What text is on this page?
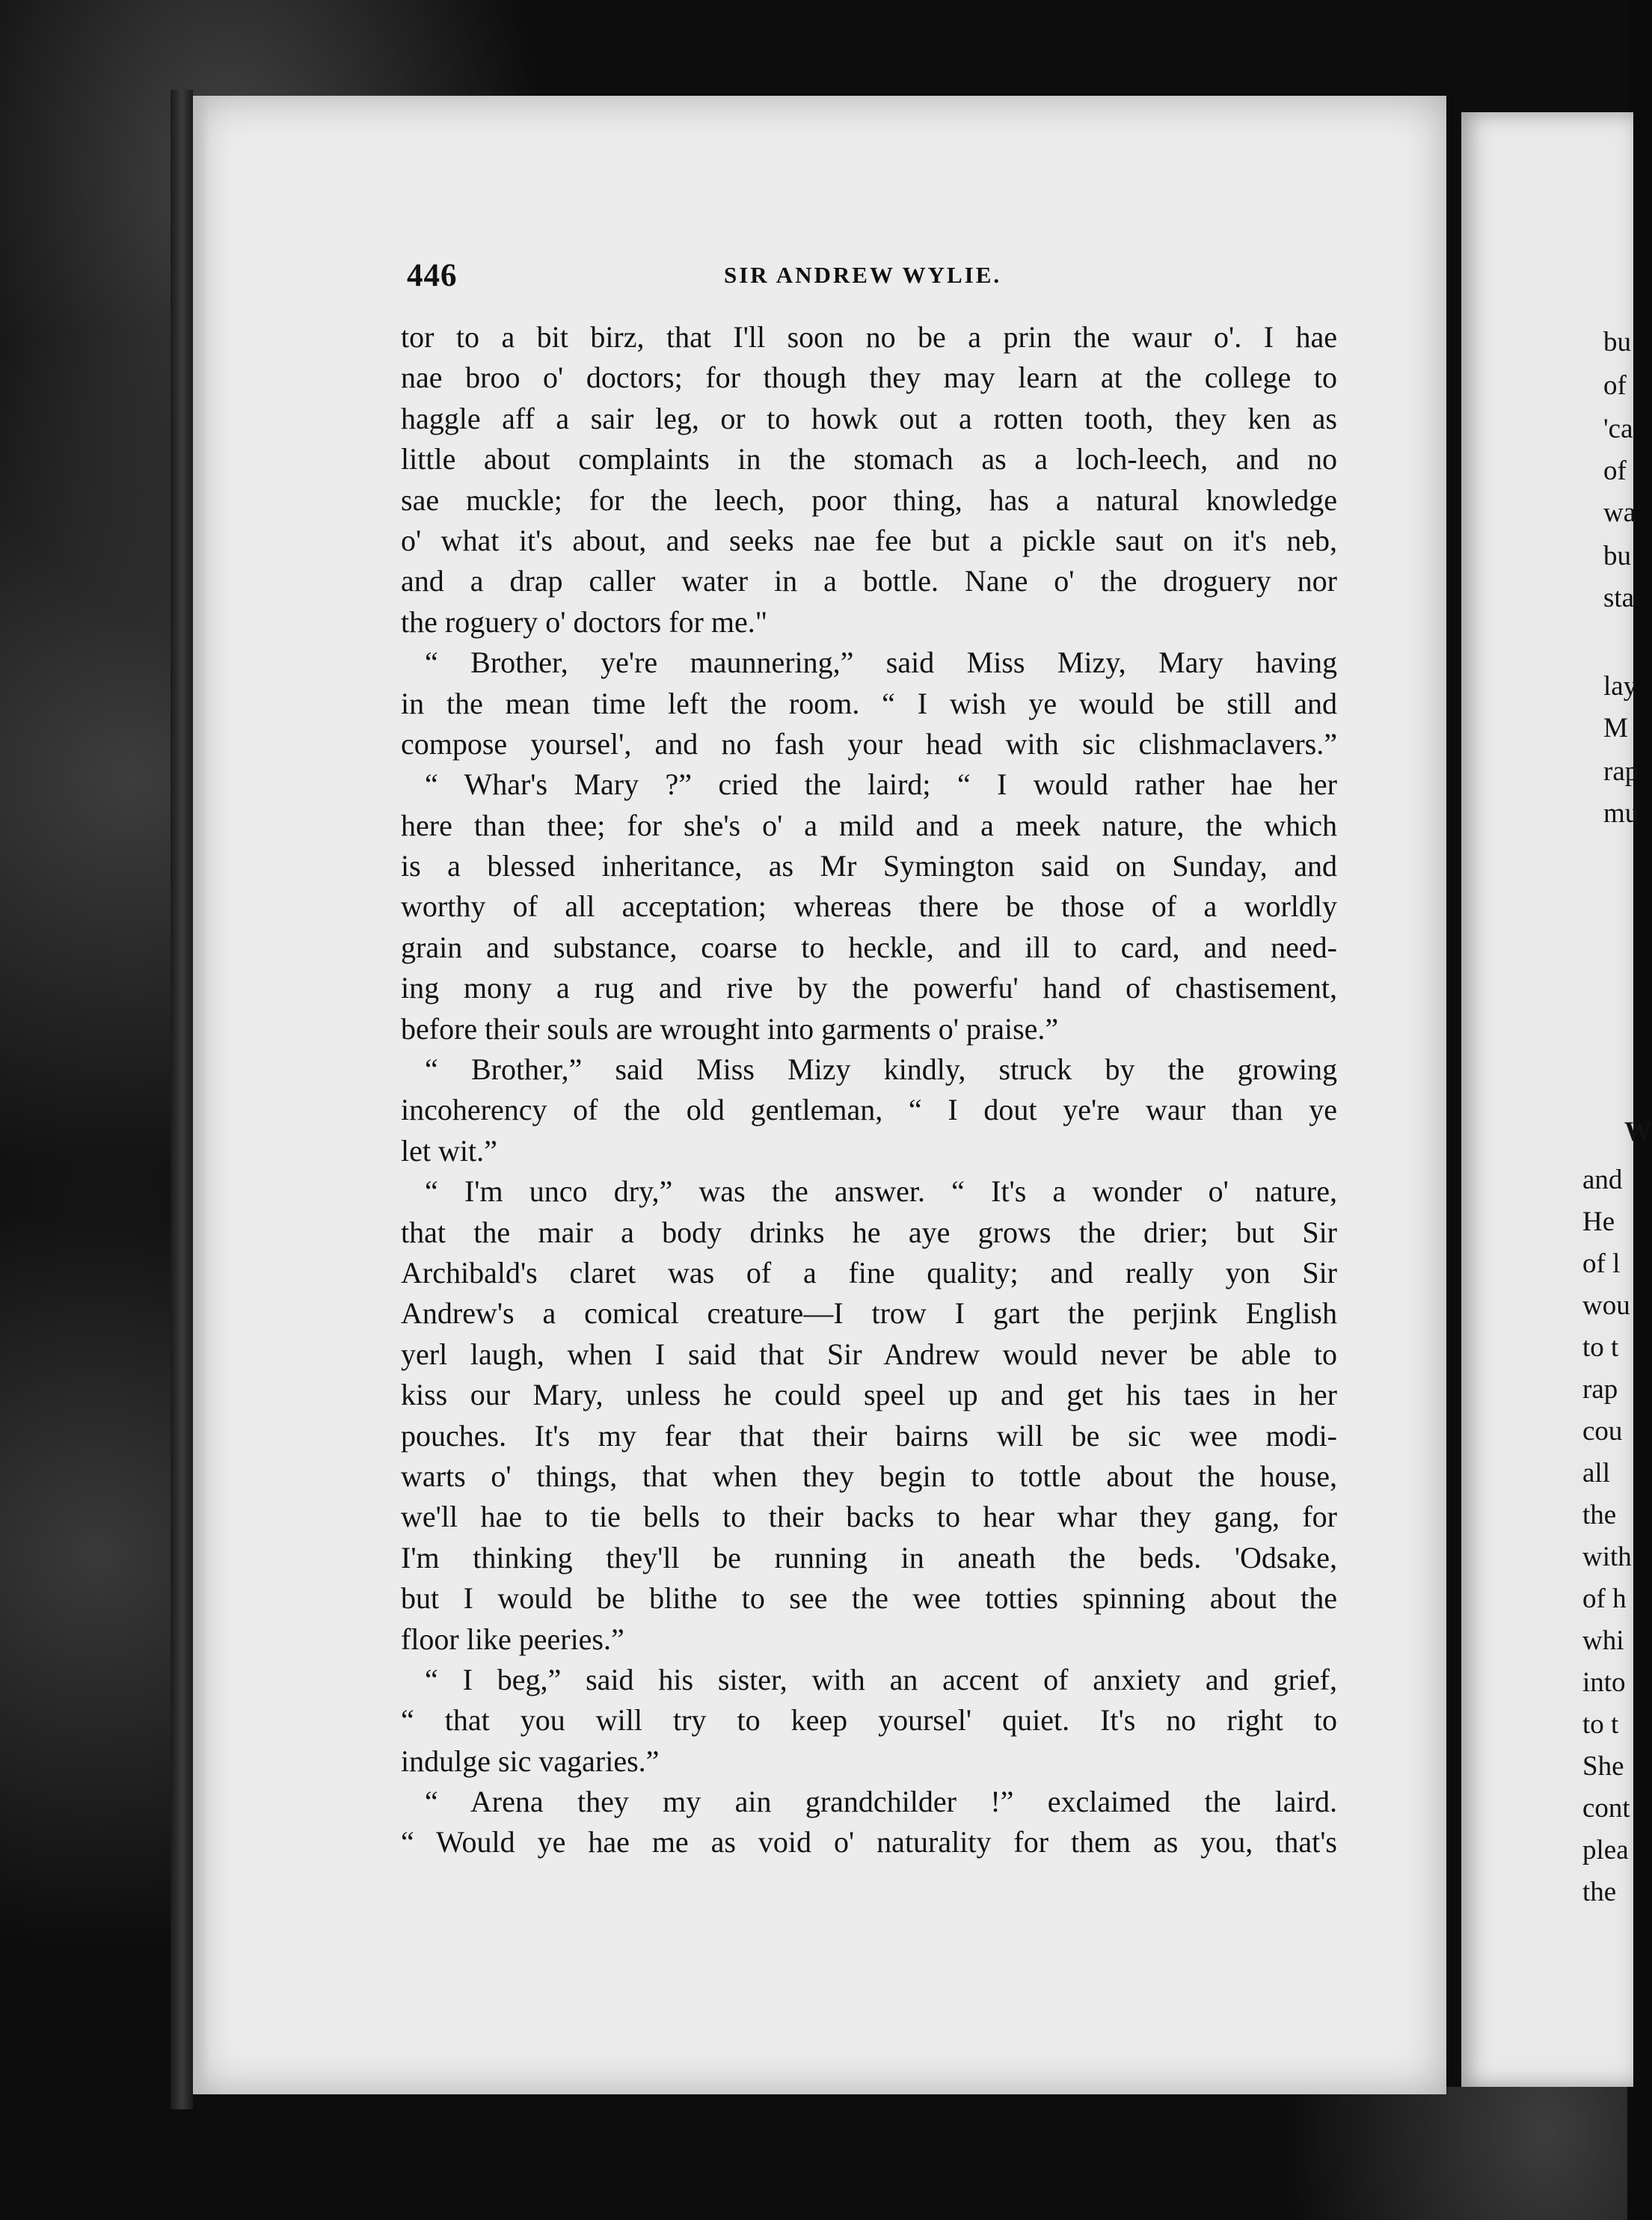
446	SIR ANDREW WYLIE.
tor to a bit birz, that I'll soon no be a prin the waur o'. I hae
nae broo o' doctors; for though they may learn at the college to
haggle aff a sair leg, or to howk out a rotten tooth, they ken as
little about complaints in the stomach as a loch-leech, and no
sae muckle; for the leech, poor thing, has a natural knowledge
o' what it's about, and seeks nae fee but a pickle saut on it's neb,
and a drap caller water in a bottle. Nane o' the droguery nor
the roguery o' doctors for me."
“ Brother, ye're maunnering,” said Miss Mizy, Mary having
in the mean time left the room. “ I wish ye would be still and
compose yoursel', and no fash your head with sic clishmaclavers.”
“ Whar's Mary ?” cried the laird; “ I would rather hae her
here than thee; for she's o' a mild and a meek nature, the which
is a blessed inheritance, as Mr Symington said on Sunday, and
worthy of all acceptation; whereas there be those of a worldly
grain and substance, coarse to heckle, and ill to card, and need-
ing mony a rug and rive by the powerfu' hand of chastisement,
before their souls are wrought into garments o' praise.”
“ Brother,” said Miss Mizy kindly, struck by the growing
incoherency of the old gentleman, “ I dout ye're waur than ye
let wit.”
“ I'm unco dry,” was the answer. “ It's a wonder o' nature,
that the mair a body drinks he aye grows the drier; but Sir
Archibald's claret was of a fine quality; and really yon Sir
Andrew's a comical creature—I trow I gart the perjink English
yerl laugh, when I said that Sir Andrew would never be able to
kiss our Mary, unless he could speel up and get his taes in her
pouches. It's my fear that their bairns will be sic wee modi-
warts o' things, that when they begin to tottle about the house,
we'll hae to tie bells to their backs to hear whar they gang, for
I'm thinking they'll be running in aneath the beds. 'Odsake,
but I would be blithe to see the wee totties spinning about the
floor like peeries.”
“ I beg,” said his sister, with an accent of anxiety and grief,
“ that you will try to keep yoursel' quiet. It's no right to
indulge sic vagaries.”
“ Arena they my ain grandchilder !” exclaimed the laird.
“ Would ye hae me as void o' naturality for them as you, that's
bu
of
'ca
of
wa
bu
sta
lay
M
rap
mu
W
and
He
of l
wou
to t
rap
cou
all
the
with
of h
whi
into
to t
She
cont
plea
the
